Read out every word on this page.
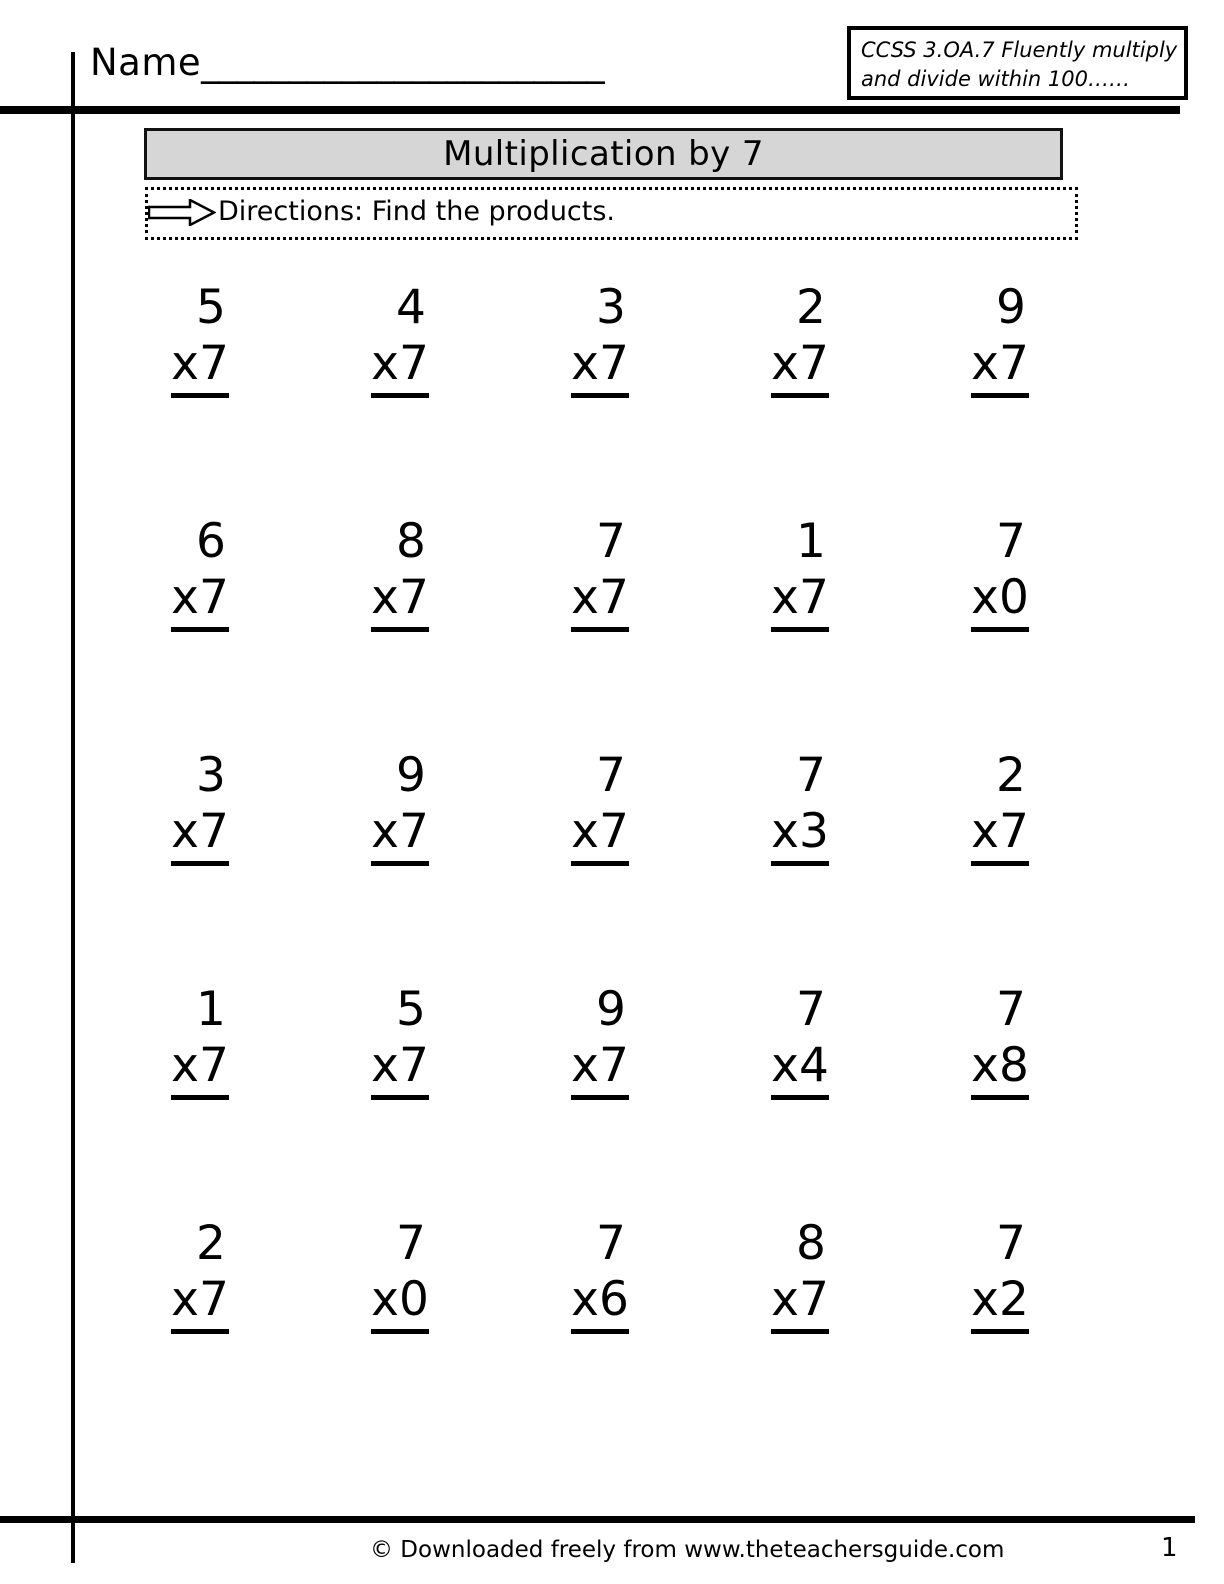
Name _______________________	CCSS 3.OA.7 Fluently multiply
and divide within 100……
Multiplication by 7
Directions: Find the products.
5
x7
4
x7
3
x7
2
x7
9
x7
6
x7
8
x7
7
x7
1
x7
7
x0
3
x7
9
x7
7
x7
7
x3
2
x7
1
x7
5
x7
9
x7
7
x4
7
x8
2
x7
7
x0
7
x6
8
x7
7
x2
© Downloaded freely from www.theteachersguide.com	1
